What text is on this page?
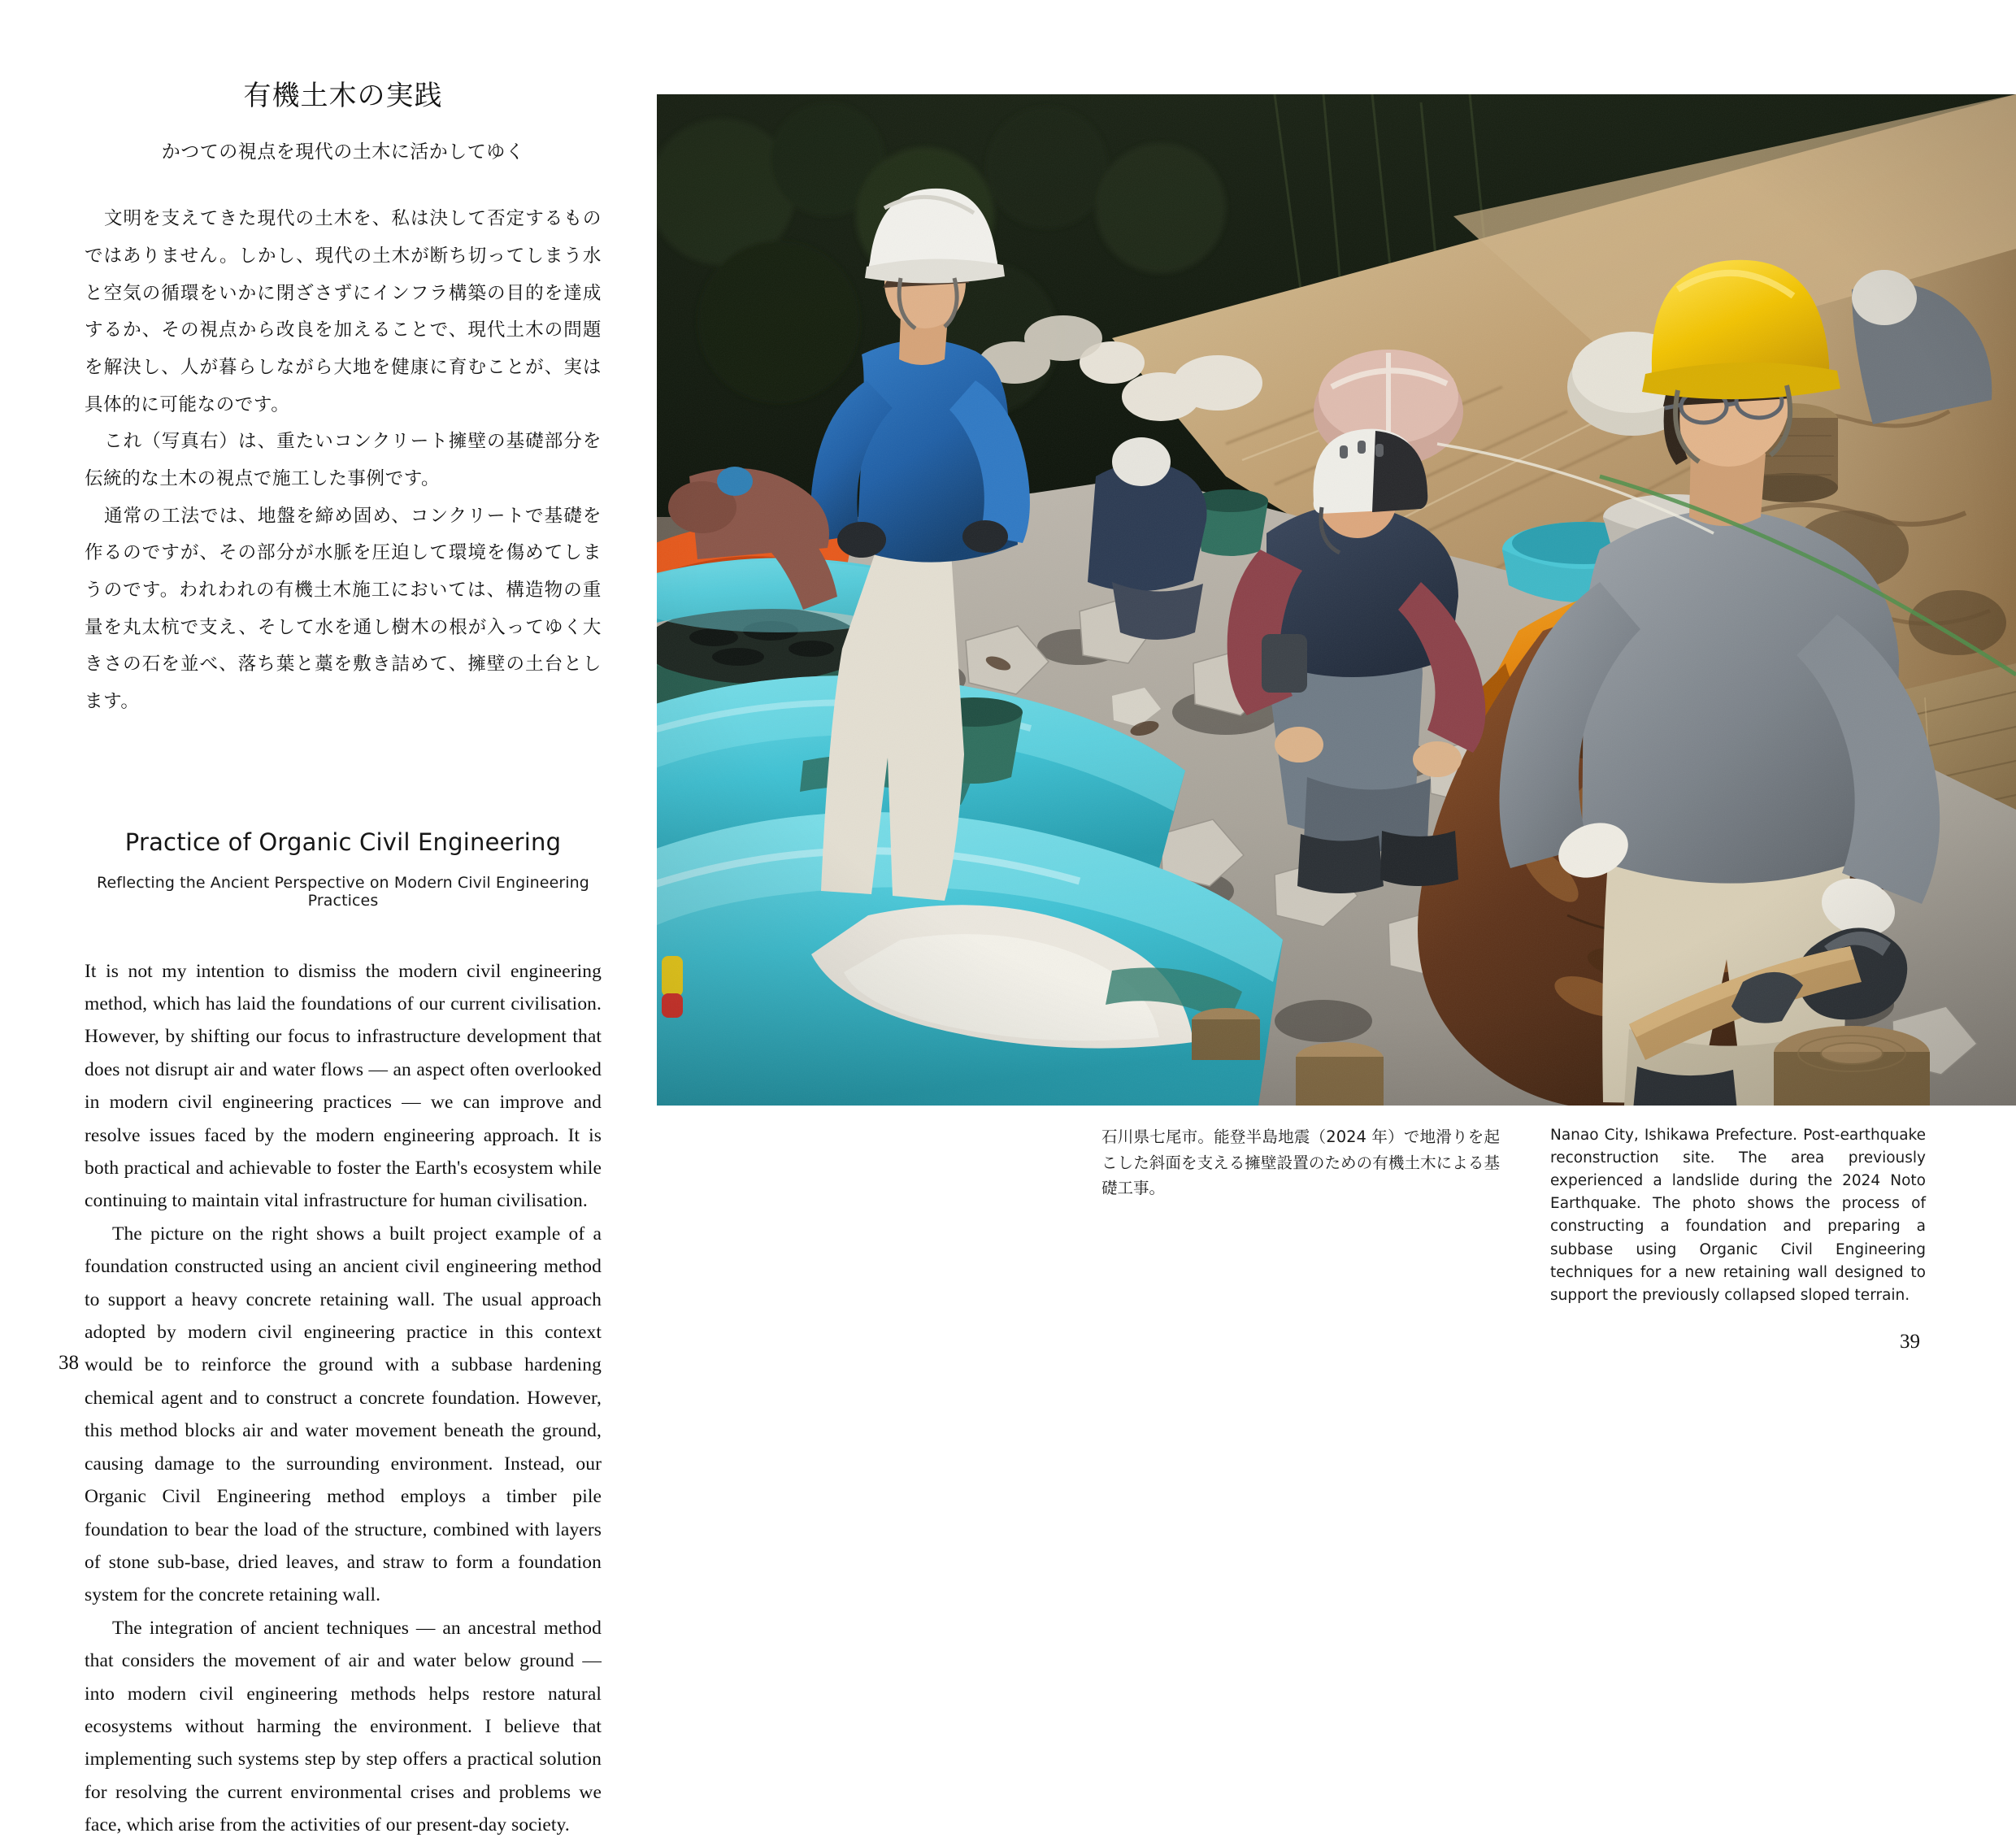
有機土木の実践
かつての視点を現代の土木に活かしてゆく

文明を支えてきた現代の土木を、私は決して否定するものではありません。しかし、現代の土木が断ち切ってしまう水と空気の循環をいかに閉ざさずにインフラ構築の目的を達成するか、その視点から改良を加えることで、現代土木の問題を解決し、人が暮らしながら大地を健康に育むことが、実は具体的に可能なのです。

これ（写真右）は、重たいコンクリート擁壁の基礎部分を伝統的な土木の視点で施工した事例です。

通常の工法では、地盤を締め固め、コンクリートで基礎を作るのですが、その部分が水脈を圧迫して環境を傷めてしまうのです。われわれの有機土木施工においては、構造物の重量を丸太杭で支え、そして水を通し樹木の根が入ってゆく大きさの石を並べ、落ち葉と藁を敷き詰めて、擁壁の土台とします。

Practice of Organic Civil Engineering
Reflecting the Ancient Perspective on Modern Civil Engineering Practices

It is not my intention to dismiss the modern civil engineering method, which has laid the foundations of our current civilisation. However, by shifting our focus to infrastructure development that does not disrupt air and water flows — an aspect often overlooked in modern civil engineering practices — we can improve and resolve issues faced by the modern engineering approach. It is both practical and achievable to foster the Earth's ecosystem while continuing to maintain vital infrastructure for human civilisation.

The picture on the right shows a built project example of a foundation constructed using an ancient civil engineering method to support a heavy concrete retaining wall. The usual approach adopted by modern civil engineering practice in this context would be to reinforce the ground with a subbase hardening chemical agent and to construct a concrete foundation. However, this method blocks air and water movement beneath the ground, causing damage to the surrounding environment. Instead, our Organic Civil Engineering method employs a timber pile foundation to bear the load of the structure, combined with layers of stone sub-base, dried leaves, and straw to form a foundation system for the concrete retaining wall.

The integration of ancient techniques — an ancestral method that considers the movement of air and water below ground — into modern civil engineering methods helps restore natural ecosystems without harming the environment. I believe that implementing such systems step by step offers a practical solution for resolving the current environmental crises and problems we face, which arise from the activities of our present-day society.

38
石川県七尾市。能登半島地震（2024 年）で地滑りを起こした斜面を支える擁壁設置のための有機土木による基礎工事。
Nanao City, Ishikawa Prefecture. Post-earthquake reconstruction site. The area previously experienced a landslide during the 2024 Noto Earthquake. The photo shows the process of constructing a foundation and preparing a subbase using Organic Civil Engineering techniques for a new retaining wall designed to support the previously collapsed sloped terrain.
39
